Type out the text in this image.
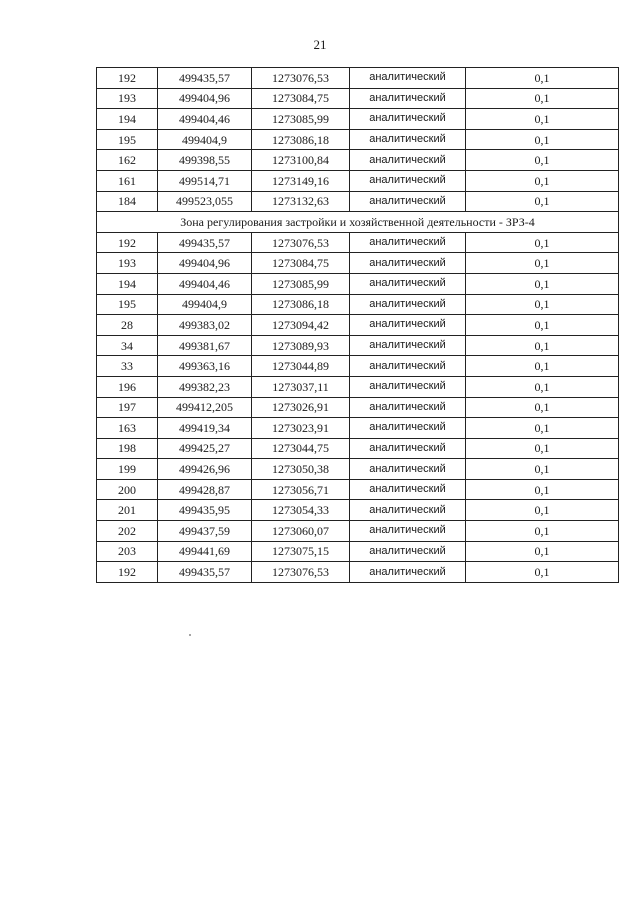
21
192	499435,57	1273076,53	аналитический	0,1
193	499404,96	1273084,75	аналитический	0,1
194	499404,46	1273085,99	аналитический	0,1
195	499404,9	1273086,18	аналитический	0,1
162	499398,55	1273100,84	аналитический	0,1
161	499514,71	1273149,16	аналитический	0,1
184	499523,055	1273132,63	аналитический	0,1
Зона регулирования застройки и хозяйственной деятельности - ЗРЗ-4				
192	499435,57	1273076,53	аналитический	0,1
193	499404,96	1273084,75	аналитический	0,1
194	499404,46	1273085,99	аналитический	0,1
195	499404,9	1273086,18	аналитический	0,1
28	499383,02	1273094,42	аналитический	0,1
34	499381,67	1273089,93	аналитический	0,1
33	499363,16	1273044,89	аналитический	0,1
196	499382,23	1273037,11	аналитический	0,1
197	499412,205	1273026,91	аналитический	0,1
163	499419,34	1273023,91	аналитический	0,1
198	499425,27	1273044,75	аналитический	0,1
199	499426,96	1273050,38	аналитический	0,1
200	499428,87	1273056,71	аналитический	0,1
201	499435,95	1273054,33	аналитический	0,1
202	499437,59	1273060,07	аналитический	0,1
203	499441,69	1273075,15	аналитический	0,1
192	499435,57	1273076,53	аналитический	0,1
